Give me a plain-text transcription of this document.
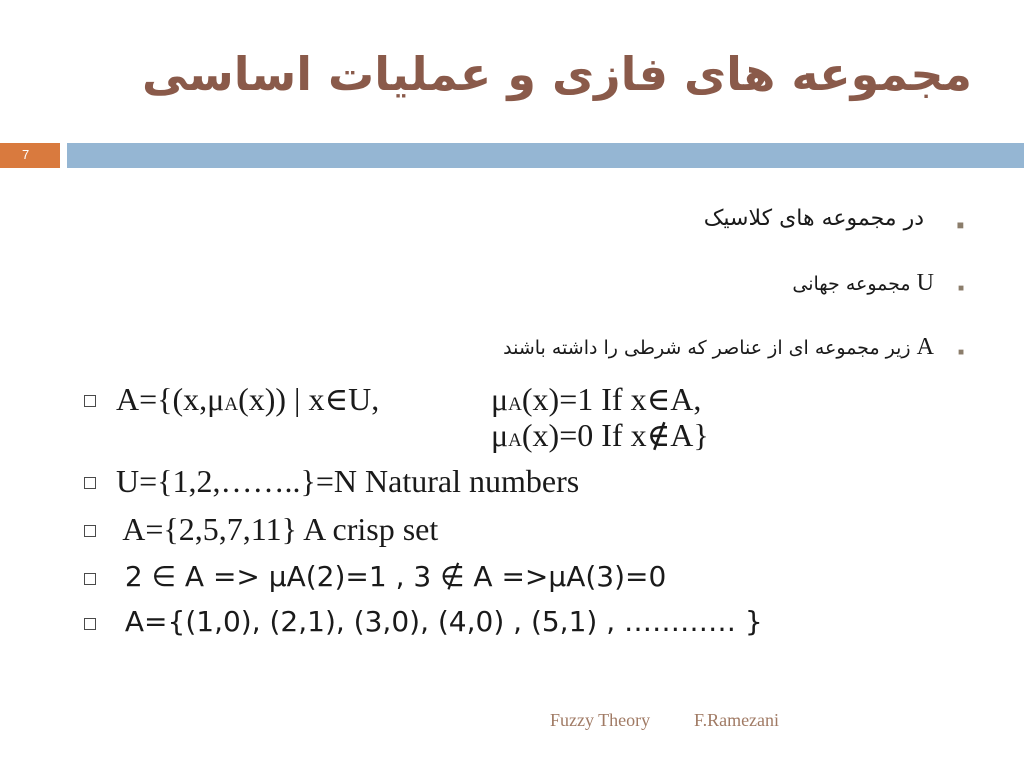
مجموعه های فازی و عملیات اساسی
7
■
در مجموعه های کلاسیک
■
U مجموعه جهانی
■
A زیر مجموعه ای از عناصر که شرطی را داشته باشند
A={(x,μA(x)) | x∈U,	μA(x)=1 If x∈A,
μA(x)=0 If x∉A}
U={1,2,……..}=N Natural numbers
A={2,5,7,11} A crisp set
2 ∈ A => μA(2)=1 , 3 ∉ A =>μA(3)=0
A={(1,0), (2,1), (3,0), (4,0) , (5,1) , ………… }
Fuzzy Theory F.Ramezani
